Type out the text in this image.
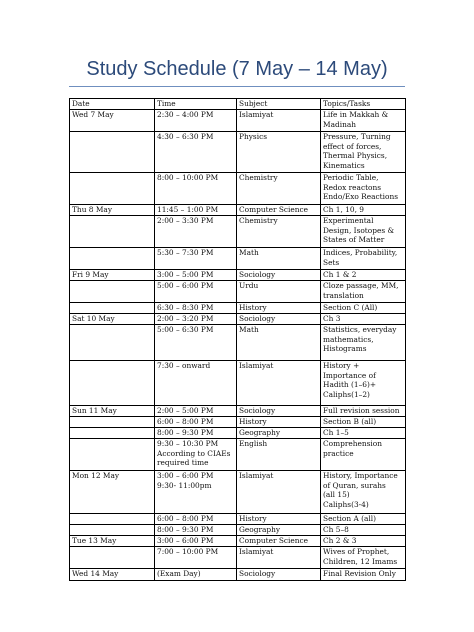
Study Schedule (7 May – 14 May)
Date	Time	Subject	Topics/Tasks
Wed 7 May	2:30 – 4:00 PM	Islamiyat	Life in Makkah &
Madinah
	4:30 – 6:30 PM	Physics	Pressure, Turning
effect of forces,
Thermal Physics,
Kinematics
	8:00 – 10:00 PM	Chemistry	Periodic Table,
Redox reactons
Endo/Exo Reactions
Thu 8 May	11:45 – 1:00 PM	Computer Science	Ch 1, 10, 9
	2:00 – 3:30 PM	Chemistry	Experimental
Design, Isotopes &
States of Matter
	5:30 – 7:30 PM	Math	Indices, Probability,
Sets
Fri 9 May	3:00 – 5:00 PM	Sociology	Ch 1 & 2
	5:00 – 6:00 PM	Urdu	Cloze passage, MM,
translation
	6:30 – 8:30 PM	History	Section C (All)
Sat 10 May	2:00 – 3:20 PM	Sociology	Ch 3
	5:00 – 6:30 PM	Math	Statistics, everyday
mathematics,
Histograms
	7:30 – onward	Islamiyat	History +
Importance of
Hadith (1–6)+
Caliphs(1–2)
Sun 11 May	2:00 – 5:00 PM	Sociology	Full revision session
	6:00 – 8:00 PM	History	Section B (all)
	8:00 – 9:30 PM	Geography	Ch 1–5
	9:30 – 10:30 PM
According to CIAEs
required time	English	Comprehension
practice
Mon 12 May	3:00 – 6:00 PM
9:30- 11:00pm	Islamiyat	History, Importance
of Quran, surahs
(all 15)
Caliphs(3-4)
	6:00 – 8:00 PM	History	Section A (all)
	8:00 – 9:30 PM	Geography	Ch 5–8
Tue 13 May	3:00 – 6:00 PM	Computer Science	Ch 2 & 3
	7:00 – 10:00 PM	Islamiyat	Wives of Prophet,
Children, 12 Imams
Wed 14 May	(Exam Day)	Sociology	Final Revision Only
